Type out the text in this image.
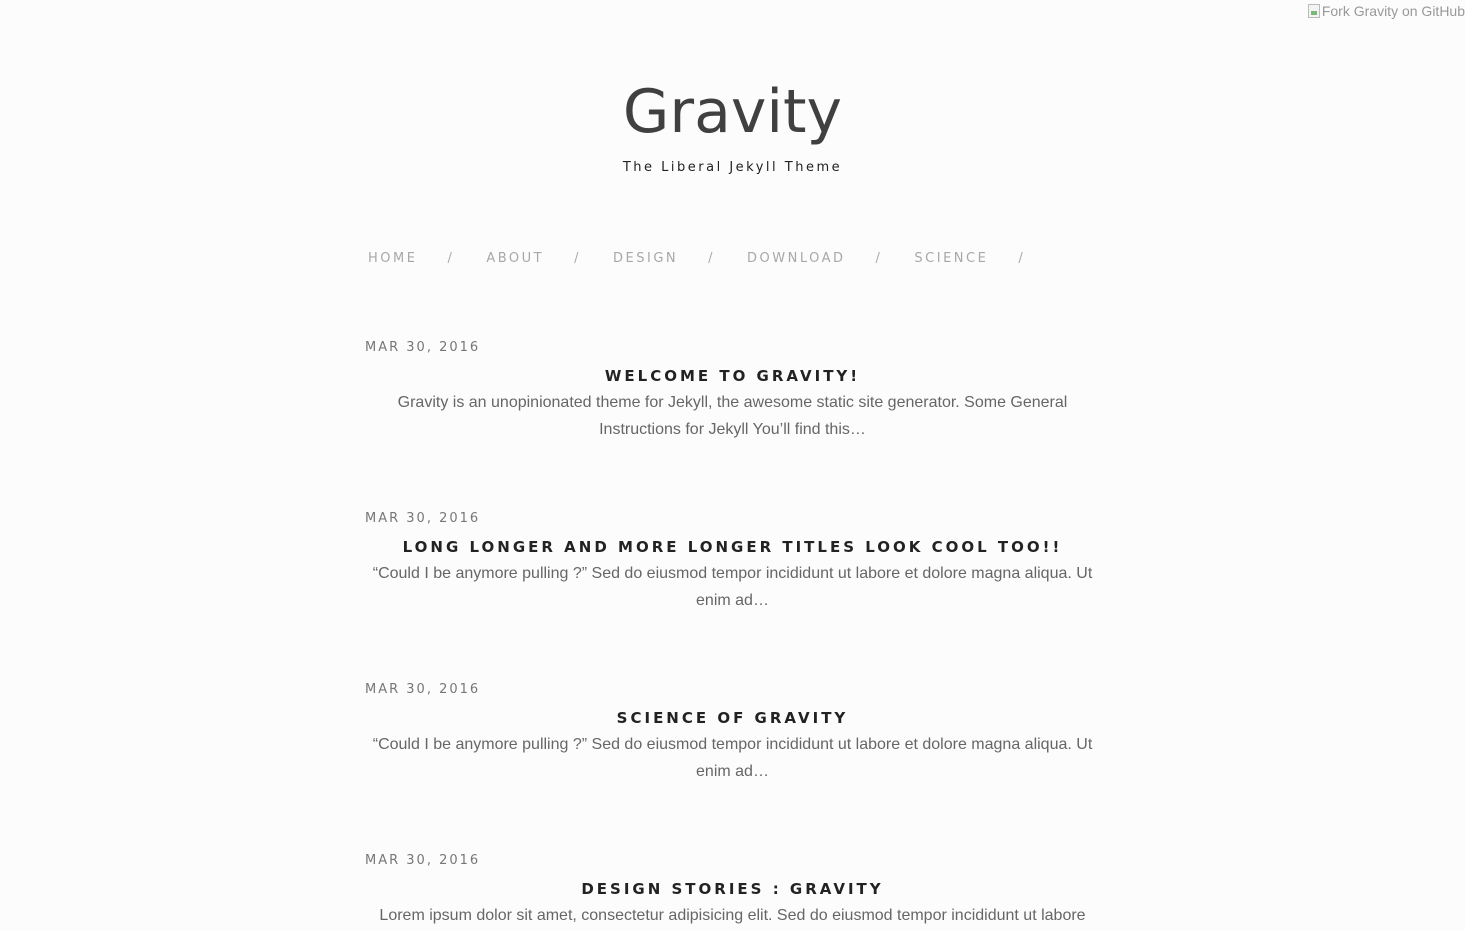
Fork Gravity on GitHub
Gravity
The Liberal Jekyll Theme
HOME / ABOUT / DESIGN / DOWNLOAD / SCIENCE /

MAR 30, 2016

WELCOME TO GRAVITY!

Gravity is an unopinionated theme for Jekyll, the awesome static site generator. Some General Instructions for Jekyll You’ll find this…

MAR 30, 2016

LONG LONGER AND MORE LONGER TITLES LOOK COOL TOO!!

“Could I be anymore pulling ?” Sed do eiusmod tempor incididunt ut labore et dolore magna aliqua. Ut enim ad…

MAR 30, 2016

SCIENCE OF GRAVITY

“Could I be anymore pulling ?” Sed do eiusmod tempor incididunt ut labore et dolore magna aliqua. Ut enim ad…

MAR 30, 2016

DESIGN STORIES : GRAVITY

Lorem ipsum dolor sit amet, consectetur adipisicing elit. Sed do eiusmod tempor incididunt ut labore
